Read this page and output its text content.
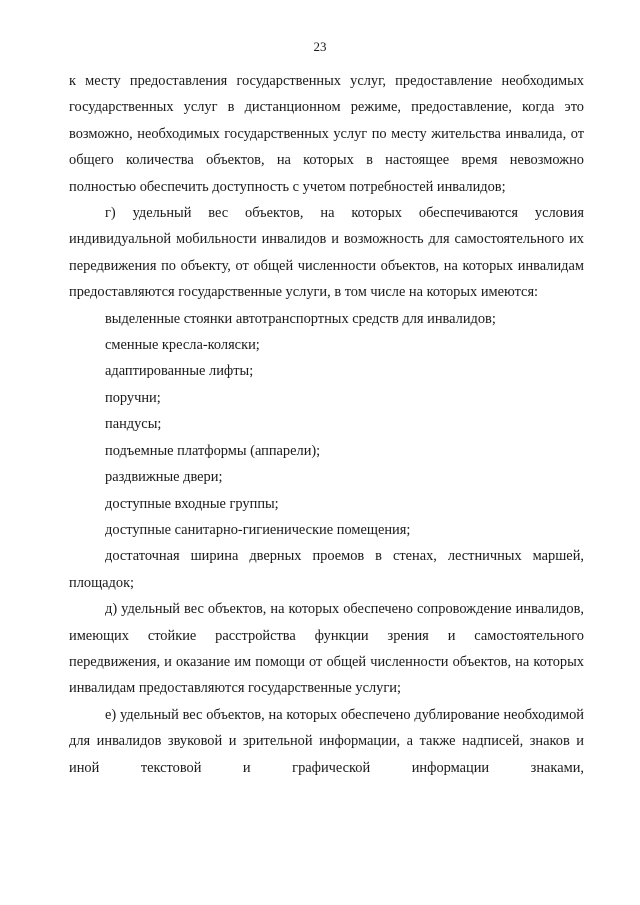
23

к месту предоставления государственных услуг, предоставление необходимых государственных услуг в дистанционном режиме, предоставление, когда это возможно, необходимых государственных услуг по месту жительства инвалида, от общего количества объектов, на которых в настоящее время невозможно полностью обеспечить доступность с учетом потребностей инвалидов;

г) удельный вес объектов, на которых обеспечиваются условия индивидуальной мобильности инвалидов и возможность для самостоятельного их передвижения по объекту, от общей численности объектов, на которых инвалидам предоставляются государственные услуги, в том числе на которых имеются:

выделенные стоянки автотранспортных средств для инвалидов;

сменные кресла-коляски;

адаптированные лифты;

поручни;

пандусы;

подъемные платформы (аппарели);

раздвижные двери;

доступные входные группы;

доступные санитарно-гигиенические помещения;

достаточная ширина дверных проемов в стенах, лестничных маршей,

площадок;

д) удельный вес объектов, на которых обеспечено сопровождение инвалидов, имеющих стойкие расстройства функции зрения и самостоятельного передвижения, и оказание им помощи от общей численности объектов, на которых инвалидам предоставляются государственные услуги;

е) удельный вес объектов, на которых обеспечено дублирование необходимой для инвалидов звуковой и зрительной информации, а также надписей, знаков и иной текстовой и графической информации знаками,
